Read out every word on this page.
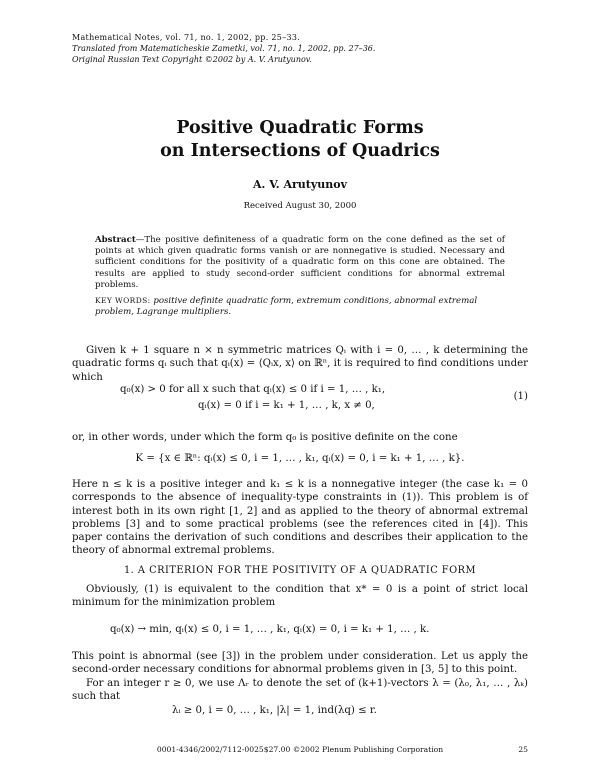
Mathematical Notes, vol. 71, no. 1, 2002, pp. 25–33.
Translated from Matematicheskie Zametki, vol. 71, no. 1, 2002, pp. 27–36.
Original Russian Text Copyright ©2002 by A. V. Arutyunov.
Positive Quadratic Forms
on Intersections of Quadrics
A. V. Arutyunov
Received August 30, 2000
Abstract—The positive definiteness of a quadratic form on the cone defined as the set of points at which given quadratic forms vanish or are nonnegative is studied. Necessary and sufficient conditions for the positivity of a quadratic form on this cone are obtained. The results are applied to study second-order sufficient conditions for abnormal extremal problems.
KEY WORDS: positive definite quadratic form, extremum conditions, abnormal extremal problem, Lagrange multipliers.
Given k + 1 square n × n symmetric matrices Qᵢ with i = 0, … , k determining the quadratic forms qᵢ such that qᵢ(x) = ⟨Qᵢx, x⟩ on ℝⁿ, it is required to find conditions under which
q₀(x) > 0 for all x such that qᵢ(x) ≤ 0 if i = 1, … , k₁,
qᵢ(x) = 0 if i = k₁ + 1, … , k, x ≠ 0,
(1)
or, in other words, under which the form q₀ is positive definite on the cone
K = {x ∈ ℝⁿ: qᵢ(x) ≤ 0, i = 1, … , k₁, qᵢ(x) = 0, i = k₁ + 1, … , k}.
Here n ≤ k is a positive integer and k₁ ≤ k is a nonnegative integer (the case k₁ = 0 corresponds to the absence of inequality-type constraints in (1)). This problem is of interest both in its own right [1, 2] and as applied to the theory of abnormal extremal problems [3] and to some practical problems (see the references cited in [4]). This paper contains the derivation of such conditions and describes their application to the theory of abnormal extremal problems.
1. A CRITERION FOR THE POSITIVITY OF A QUADRATIC FORM
Obviously, (1) is equivalent to the condition that x* = 0 is a point of strict local minimum for the minimization problem
q₀(x) → min, qᵢ(x) ≤ 0, i = 1, … , k₁, qᵢ(x) = 0, i = k₁ + 1, … , k.
This point is abnormal (see [3]) in the problem under consideration. Let us apply the second-order necessary conditions for abnormal problems given in [3, 5] to this point.
For an integer r ≥ 0, we use Λᵣ to denote the set of (k+1)-vectors λ = (λ₀, λ₁, … , λₖ) such that
λᵢ ≥ 0, i = 0, … , k₁, |λ| = 1, ind(λq) ≤ r.
0001-4346/2002/7112-0025$27.00 ©2002 Plenum Publishing Corporation	25
